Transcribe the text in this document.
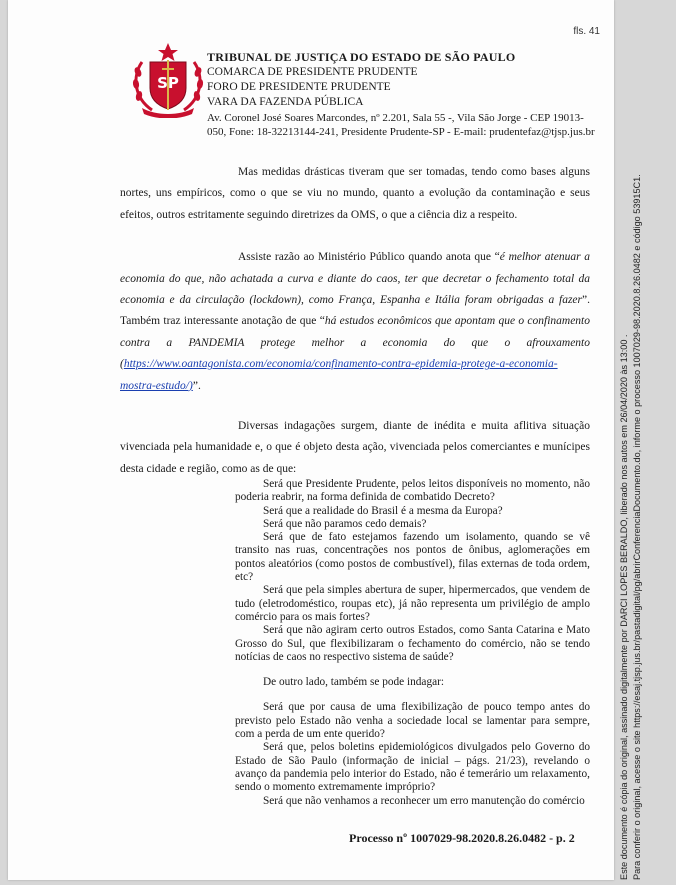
fls. 41
SP
TRIBUNAL DE JUSTIÇA DO ESTADO DE SÃO PAULO
COMARCA DE PRESIDENTE PRUDENTE
FORO DE PRESIDENTE PRUDENTE
VARA DA FAZENDA PÚBLICA
Av. Coronel José Soares Marcondes, nº 2.201, Sala 55 -, Vila São Jorge - CEP 19013-050, Fone: 18-32213144-241, Presidente Prudente-SP - E-mail: prudentefaz@tjsp.jus.br

Mas medidas drásticas tiveram que ser tomadas, tendo como bases alguns nortes, uns empíricos, como o que se viu no mundo, quanto a evolução da contaminação e seus efeitos, outros estritamente seguindo diretrizes da OMS, o que a ciência diz a respeito.

Assiste razão ao Ministério Público quando anota que “é melhor atenuar a economia do que, não achatada a curva e diante do caos, ter que decretar o fechamento total da economia e da circulação (lockdown), como França, Espanha e Itália foram obrigadas a fazer”. Também traz interessante anotação de que “há estudos econômicos que apontam que o confinamento contra a PANDEMIA protege melhor a economia do que o afrouxamento (https://www.oantagonista.com/economia/confinamento-contra-epidemia-protege-a-economia-mostra-estudo/)”.

Diversas indagações surgem, diante de inédita e muita aflitiva situação vivenciada pela humanidade e, o que é objeto desta ação, vivenciada pelos comerciantes e munícipes desta cidade e região, como as de que:

Será que Presidente Prudente, pelos leitos disponíveis no momento, não poderia reabrir, na forma definida de combatido Decreto?

Será que a realidade do Brasil é a mesma da Europa?

Será que não paramos cedo demais?

Será que de fato estejamos fazendo um isolamento, quando se vê transito nas ruas, concentrações nos pontos de ônibus, aglomerações em pontos aleatórios (como postos de combustível), filas externas de toda ordem, etc?

Será que pela simples abertura de super, hipermercados, que vendem de tudo (eletrodoméstico, roupas etc), já não representa um privilégio de amplo comércio para os mais fortes?

Será que não agiram certo outros Estados, como Santa Catarina e Mato Grosso do Sul, que flexibilizaram o fechamento do comércio, não se tendo notícias de caos no respectivo sistema de saúde?

De outro lado, também se pode indagar:

Será que por causa de uma flexibilização de pouco tempo antes do previsto pelo Estado não venha a sociedade local se lamentar para sempre, com a perda de um ente querido?

Será que, pelos boletins epidemiológicos divulgados pelo Governo do Estado de São Paulo (informação de inicial – págs. 21/23), revelando o avanço da pandemia pelo interior do Estado, não é temerário um relaxamento, sendo o momento extremamente impróprio?

Será que não venhamos a reconhecer um erro manutenção do comércio

Processo nº 1007029-98.2020.8.26.0482 - p. 2	Este documento é cópia do original, assinado digitalmente por DARCI LOPES BERALDO, liberado nos autos em 26/04/2020 às 13:00 . Para conferir o original, acesse o site https://esaj.tjsp.jus.br/pastadigital/pg/abrirConferenciaDocumento.do, informe o processo 1007029-98.2020.8.26.0482 e código 53915C1.
